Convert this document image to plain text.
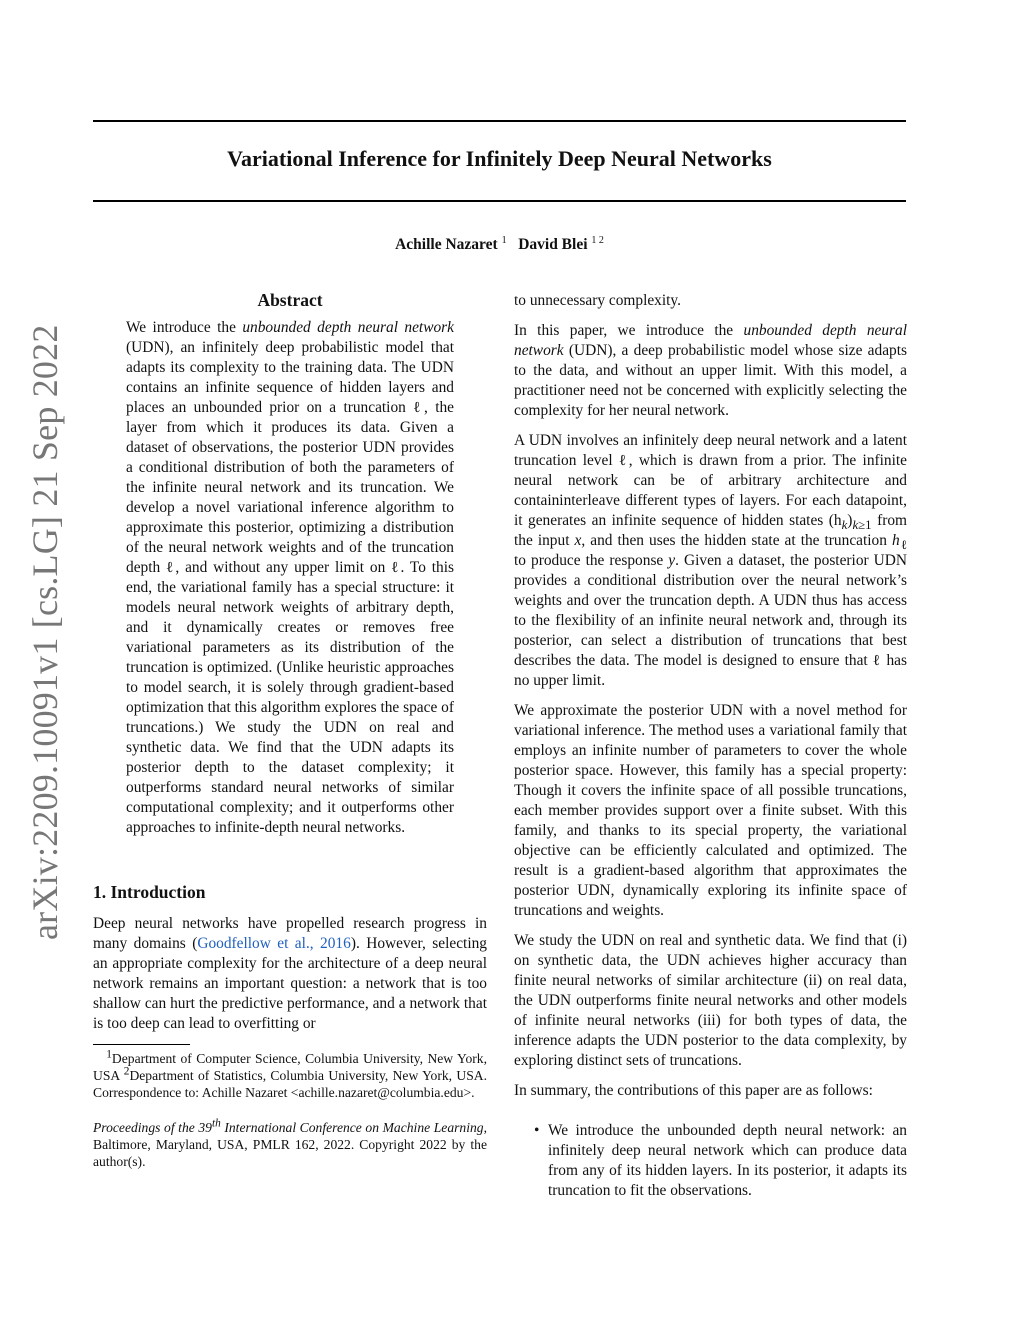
arXiv:2209.10091v1 [cs.LG] 21 Sep 2022
Variational Inference for Infinitely Deep Neural Networks
Achille Nazaret $^1$ David Blei $^{1 2}$
Abstract
We introduce the unbounded depth neural network (UDN), an infinitely deep probabilistic model that adapts its complexity to the training data. The UDN contains an infinite sequence of hidden layers and places an unbounded prior on a truncation ℓ, the layer from which it produces its data. Given a dataset of observations, the posterior UDN provides a conditional distribution of both the parameters of the infinite neural network and its truncation. We develop a novel variational inference algorithm to approximate this posterior, optimizing a distribution of the neural network weights and of the truncation depth ℓ, and without any upper limit on ℓ. To this end, the variational family has a special structure: it models neural network weights of arbitrary depth, and it dynamically creates or removes free variational parameters as its distribution of the truncation is optimized. (Unlike heuristic approaches to model search, it is solely through gradient-based optimization that this algorithm explores the space of truncations.) We study the UDN on real and synthetic data. We find that the UDN adapts its posterior depth to the dataset complexity; it outperforms standard neural networks of similar computational complexity; and it outperforms other approaches to infinite-depth neural networks.
1. Introduction

Deep neural networks have propelled research progress in many domains (Goodfellow et al., 2016). However, selecting an appropriate complexity for the architecture of a deep neural network remains an important question: a network that is too shallow can hurt the predictive performance, and a network that is too deep can lead to overfitting or

$^1$Department of Computer Science, Columbia University, New York, USA $^2$Department of Statistics, Columbia University, New York, USA. Correspondence to: Achille Nazaret <achille.nazaret@columbia.edu>.
Proceedings of the 39th International Conference on Machine Learning, Baltimore, Maryland, USA, PMLR 162, 2022. Copyright 2022 by the author(s).

to unnecessary complexity.

In this paper, we introduce the unbounded depth neural network (UDN), a deep probabilistic model whose size adapts to the data, and without an upper limit. With this model, a practitioner need not be concerned with explicitly selecting the complexity for her neural network.

A UDN involves an infinitely deep neural network and a latent truncation level ℓ, which is drawn from a prior. The infinite neural network can be of arbitrary architecture and containinterleave different types of layers. For each datapoint, it generates an infinite sequence of hidden states $(h_k)_{k\ge 1}$ from the input x, and then uses the hidden state at the truncation $h_\ell$ to produce the response y. Given a dataset, the posterior UDN provides a conditional distribution over the neural network’s weights and over the truncation depth. A UDN thus has access to the flexibility of an infinite neural network and, through its posterior, can select a distribution of truncations that best describes the data. The model is designed to ensure that ℓ has no upper limit.

We approximate the posterior UDN with a novel method for variational inference. The method uses a variational family that employs an infinite number of parameters to cover the whole posterior space. However, this family has a special property: Though it covers the infinite space of all possible truncations, each member provides support over a finite subset. With this family, and thanks to its special property, the variational objective can be efficiently calculated and optimized. The result is a gradient-based algorithm that approximates the posterior UDN, dynamically exploring its infinite space of truncations and weights.

We study the UDN on real and synthetic data. We find that (i) on synthetic data, the UDN achieves higher accuracy than finite neural networks of similar architecture (ii) on real data, the UDN outperforms finite neural networks and other models of infinite neural networks (iii) for both types of data, the inference adapts the UDN posterior to the data complexity, by exploring distinct sets of truncations.

In summary, the contributions of this paper are as follows:

• We introduce the unbounded depth neural network: an infinitely deep neural network which can produce data from any of its hidden layers. In its posterior, it adapts its truncation to fit the observations.
